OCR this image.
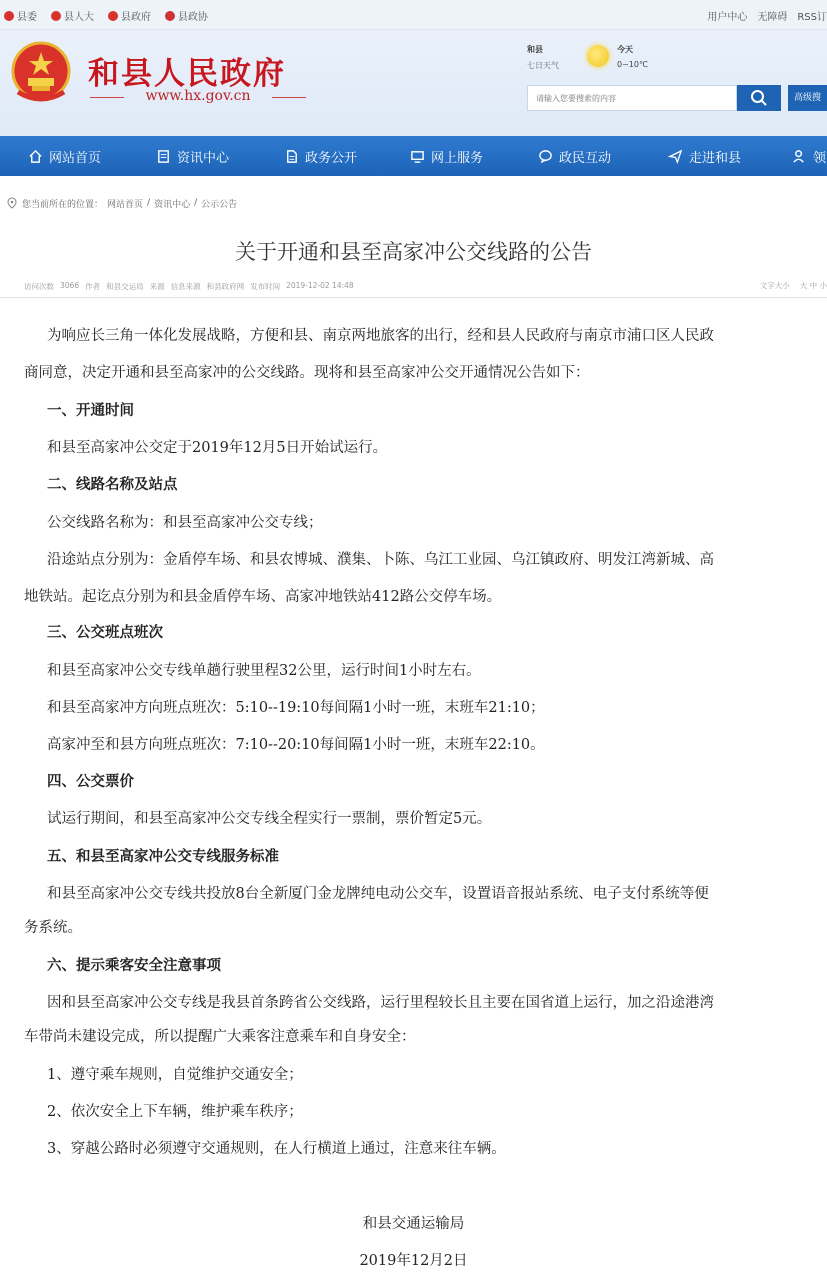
县委	县人大	县政府	县政协	用户中心 无障碍 RSS订
和县人民政府
www.hx.gov.cn
和县
七日天气
今天
0~10℃
请输入您要搜索的内容
高级搜
网站首页	资讯中心	政务公开	网上服务	政民互动	走进和县	领
您当前所在的位置： 网站首页 / 资讯中心 / 公示公告
关于开通和县至高家冲公交线路的公告
访问次数 3066 作者 和县交运局 来源 信息来源 和县政府网 发布时间 2019-12-02 14:48	文字大小 大 中 小
为响应长三角一体化发展战略，方便和县、南京两地旅客的出行，经和县人民政府与南京市浦口区人民政
商同意，决定开通和县至高家冲的公交线路。现将和县至高家冲公交开通情况公告如下：
一、开通时间
和县至高家冲公交定于2019年12月5日开始试运行。
二、线路名称及站点
公交线路名称为：和县至高家冲公交专线；
沿途站点分别为：金盾停车场、和县农博城、濮集、卜陈、乌江工业园、乌江镇政府、明发江湾新城、高
地铁站。起讫点分别为和县金盾停车场、高家冲地铁站412路公交停车场。
三、公交班点班次
和县至高家冲公交专线单趟行驶里程32公里，运行时间1小时左右。
和县至高家冲方向班点班次：5:10--19:10每间隔1小时一班，末班车21:10；
高家冲至和县方向班点班次：7:10--20:10每间隔1小时一班，末班车22:10。
四、公交票价
试运行期间，和县至高家冲公交专线全程实行一票制，票价暂定5元。
五、和县至高家冲公交专线服务标准
和县至高家冲公交专线共投放8台全新厦门金龙牌纯电动公交车，设置语音报站系统、电子支付系统等便
务系统。
六、提示乘客安全注意事项
因和县至高家冲公交专线是我县首条跨省公交线路，运行里程较长且主要在国省道上运行，加之沿途港湾
车带尚未建设完成，所以提醒广大乘客注意乘车和自身安全：
1、遵守乘车规则，自觉维护交通安全；
2、依次安全上下车辆，维护乘车秩序；
3、穿越公路时必须遵守交通规则，在人行横道上通过，注意来往车辆。
和县交通运输局
2019年12月2日
